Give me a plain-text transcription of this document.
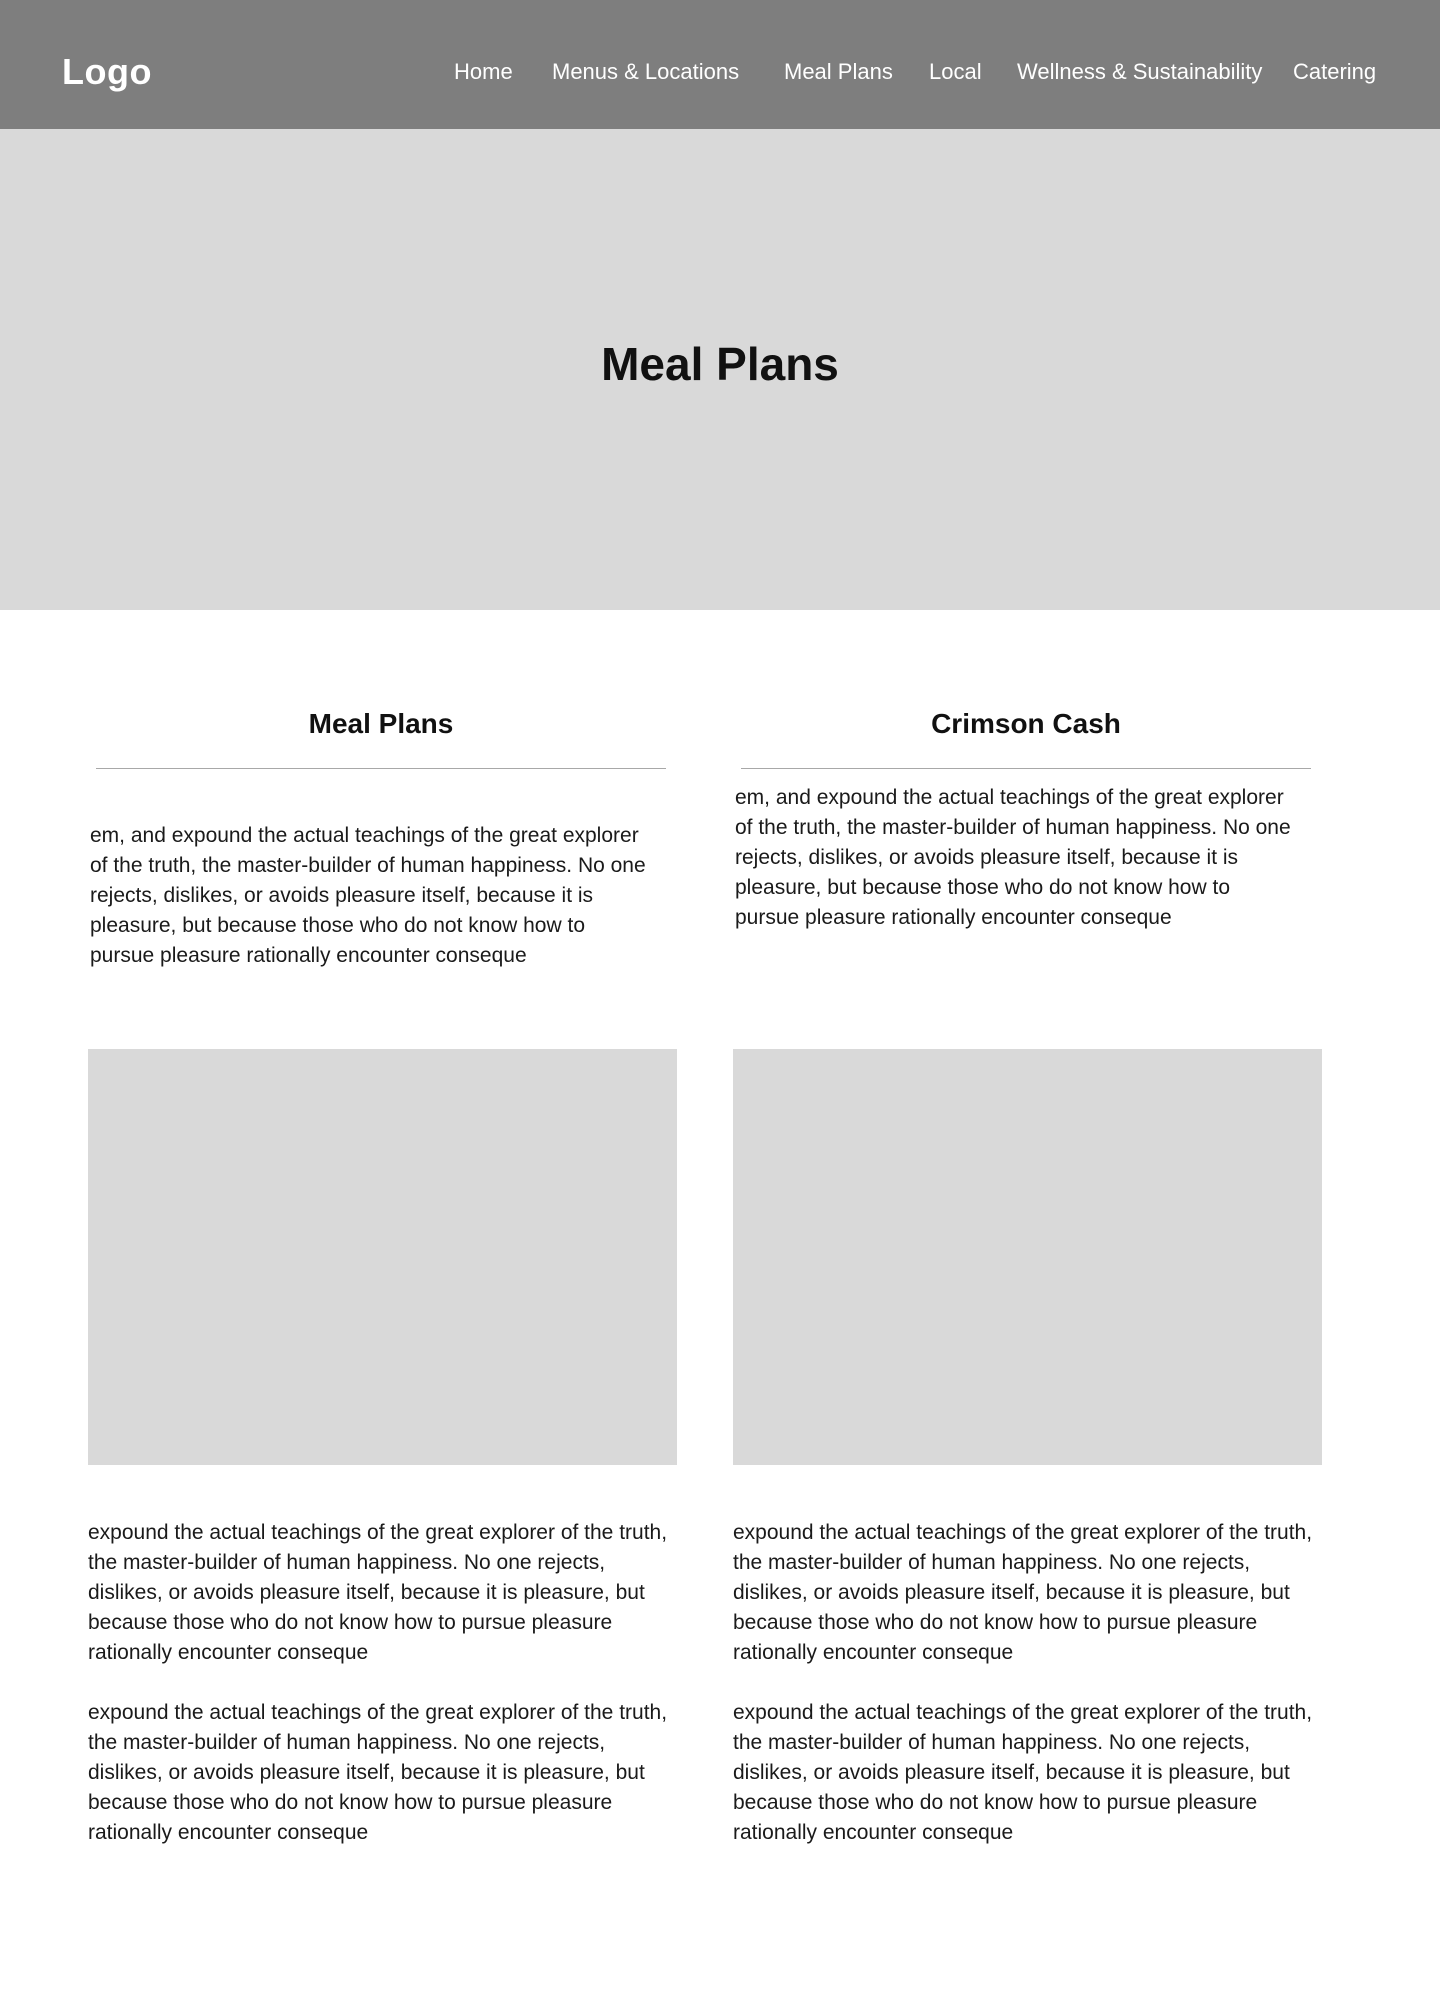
Logo	Home Menus & Locations Meal Plans Local Wellness & Sustainability Catering
Meal Plans
Meal Plans	Crimson Cash

em, and expound the actual teachings of the great explorer of the truth, the master-builder of human happiness. No one rejects, dislikes, or avoids pleasure itself, because it is pleasure, but because those who do not know how to pursue pleasure rationally encounter conseque

em, and expound the actual teachings of the great explorer of the truth, the master-builder of human happiness. No one rejects, dislikes, or avoids pleasure itself, because it is pleasure, but because those who do not know how to pursue pleasure rationally encounter conseque

expound the actual teachings of the great explorer of the truth, the master-builder of human happiness. No one rejects, dislikes, or avoids pleasure itself, because it is pleasure, but because those who do not know how to pursue pleasure rationally encounter conseque

expound the actual teachings of the great explorer of the truth, the master-builder of human happiness. No one rejects, dislikes, or avoids pleasure itself, because it is pleasure, but because those who do not know how to pursue pleasure rationally encounter conseque

expound the actual teachings of the great explorer of the truth, the master-builder of human happiness. No one rejects, dislikes, or avoids pleasure itself, because it is pleasure, but because those who do not know how to pursue pleasure rationally encounter conseque

expound the actual teachings of the great explorer of the truth, the master-builder of human happiness. No one rejects, dislikes, or avoids pleasure itself, because it is pleasure, but because those who do not know how to pursue pleasure rationally encounter conseque
